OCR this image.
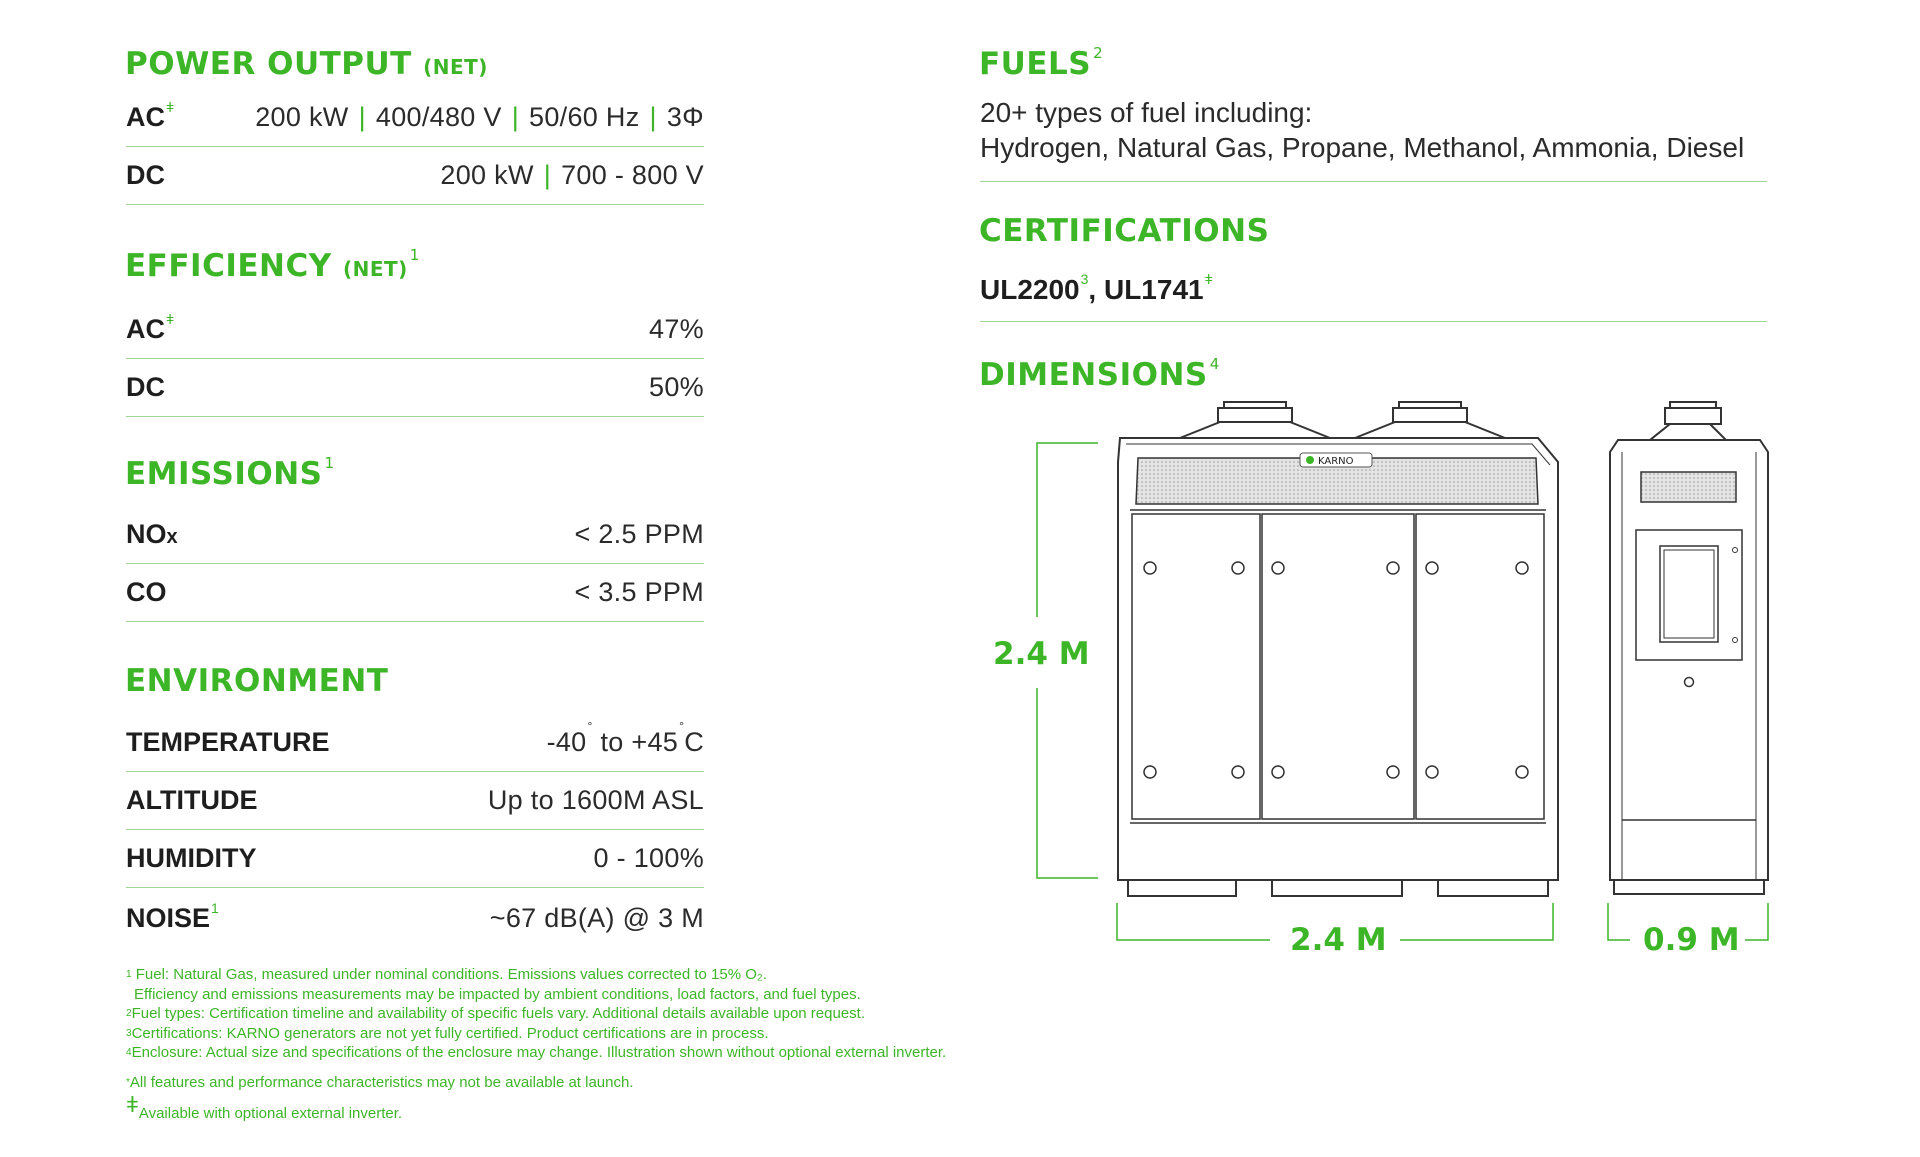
POWER OUTPUT (NET)
$AC^ǂ$	200 kW | 400/480 V | 50/60 Hz | 3Φ
DC	200 kW | 700 - 800 V
EFFICIENCY (NET)$^1$
$AC^ǂ$	47%
DC	50%
EMISSIONS $^1$
NOx	< 2.5 PPM
CO	< 3.5 PPM
ENVIRONMENT
TEMPERATURE	-40° to +45°C
ALTITUDE	Up to 1600M ASL
HUMIDITY	0 - 100%
NOISE$^1$	~67 dB(A) @ 3 M
$^1$ Fuel: Natural Gas, measured under nominal conditions. Emissions values corrected to 15% O₂.
Efficiency and emissions measurements may be impacted by ambient conditions, load factors, and fuel types.
$^2$Fuel types: Certification timeline and availability of specific fuels vary. Additional details available upon request.
$^3$Certifications: KARNO generators are not yet fully certified. Product certifications are in process.
$^4$Enclosure: Actual size and specifications of the enclosure may change. Illustration shown without optional external inverter.
*All features and performance characteristics may not be available at launch.
ǂAvailable with optional external inverter.
FUELS $^2$
20+ types of fuel including:
Hydrogen, Natural Gas, Propane, Methanol, Ammonia, Diesel
CERTIFICATIONS
UL2200$^3$, $UL1741^ǂ$
DIMENSIONS $^4$
2.4 M
2.4 M	0.9 M
KARNO
